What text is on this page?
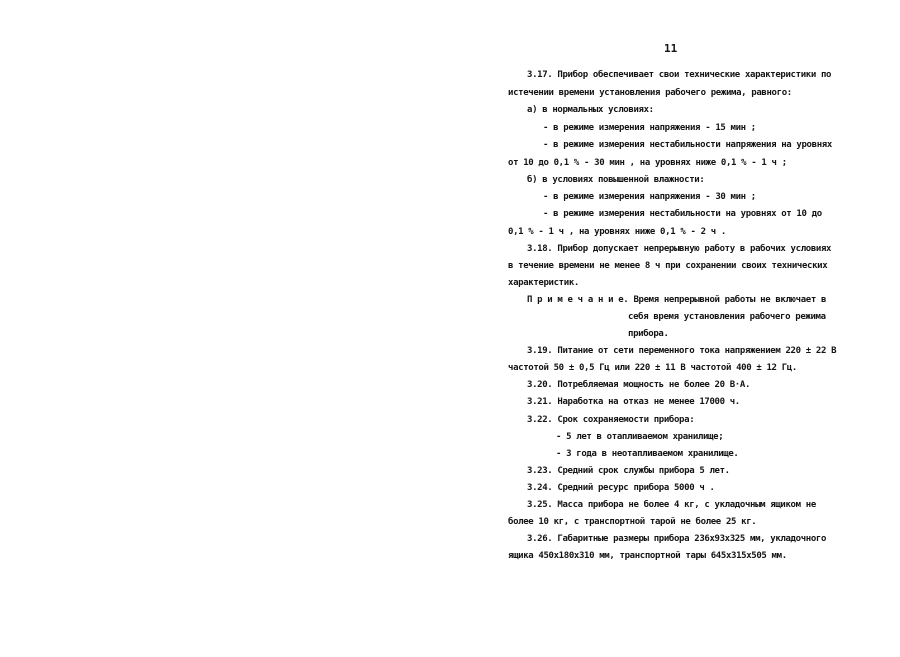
11
3.17. Прибор обеспечивает свои технические характеристики по
истечении времени установления рабочего режима, равного:
а) в нормальных условиях:
- в режиме измерения напряжения - 15 мин ;
- в режиме измерения нестабильности напряжения на уровнях
от 10 до 0,1 % - 30 мин , на уровнях ниже 0,1 % - 1 ч ;
б) в условиях повышенной влажности:
- в режиме измерения напряжения - 30 мин ;
- в режиме измерения нестабильности на уровнях от 10 до
0,1 % - 1 ч , на уровнях ниже 0,1 % - 2 ч .
3.18. Прибор допускает непрерывную работу в рабочих условиях
в течение времени не менее 8 ч при сохранении своих технических
характеристик.
П р и м е ч а н и е. Время непрерывной работы не включает в
себя время установления рабочего режима
прибора.
3.19. Питание от сети переменного тока напряжением 220 ± 22 В
частотой 50 ± 0,5 Гц или 220 ± 11 В частотой 400 ± 12 Гц.
3.20. Потребляемая мощность не более 20 В·А.
3.21. Наработка на отказ не менее 17000 ч.
3.22. Срок сохраняемости прибора:
- 5 лет в отапливаемом хранилище;
- 3 года в неотапливаемом хранилище.
3.23. Средний срок службы прибора 5 лет.
3.24. Средний ресурс прибора 5000 ч .
3.25. Масса прибора не более 4 кг, с укладочным ящиком не
более 10 кг, с транспортной тарой не более 25 кг.
3.26. Габаритные размеры прибора 236х93х325 мм, укладочного
ящика 450х180х310 мм, транспортной тары 645х315х505 мм.
